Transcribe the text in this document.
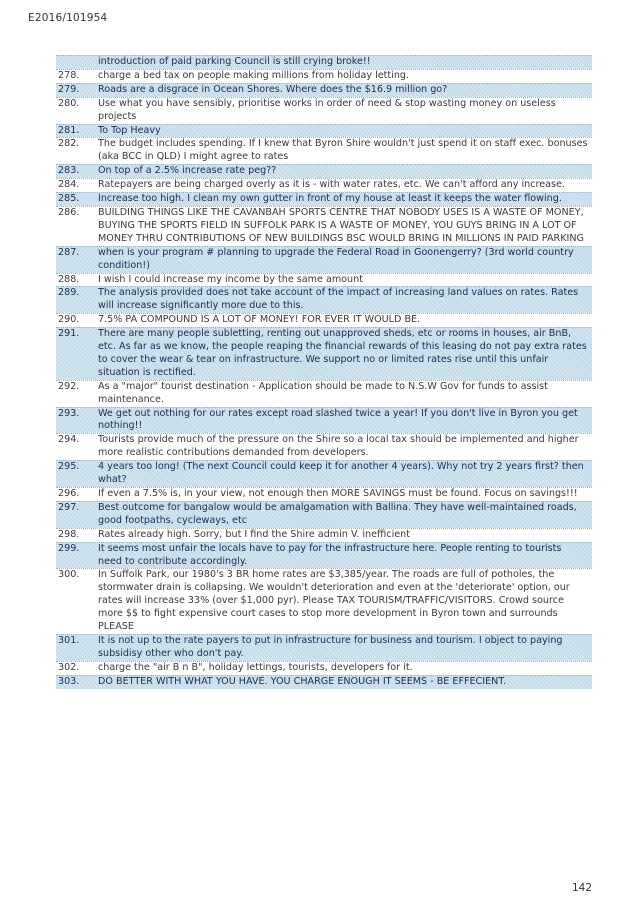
E2016/101954
introduction of paid parking Council is still crying broke!!
278.	charge a bed tax on people making millions from holiday letting.
279.	Roads are a disgrace in Ocean Shores. Where does the $16.9 million go?
280.	Use what you have sensibly, prioritise works in order of need & stop wasting money on useless projects
281.	To Top Heavy
282.	The budget includes spending. If I knew that Byron Shire wouldn't just spend it on staff exec. bonuses (aka BCC in QLD) I might agree to rates
283.	On top of a 2.5% increase rate peg??
284.	Ratepayers are being charged overly as it is - with water rates, etc. We can't afford any increase.
285.	Increase too high. I clean my own gutter in front of my house at least it keeps the water flowing.
286.	BUILDING THINGS LIKE THE CAVANBAH SPORTS CENTRE THAT NOBODY USES IS A WASTE OF MONEY, BUYING THE SPORTS FIELD IN SUFFOLK PARK IS A WASTE OF MONEY, YOU GUYS BRING IN A LOT OF MONEY THRU CONTRIBUTIONS OF NEW BUILDINGS BSC WOULD BRING IN MILLIONS IN PAID PARKING
287.	when is your program # planning to upgrade the Federal Road in Goonengerry? (3rd world country condition!)
288.	I wish I could increase my income by the same amount
289.	The analysis provided does not take account of the impact of increasing land values on rates. Rates will increase significantly more due to this.
290.	7.5% PA COMPOUND IS A LOT OF MONEY! FOR EVER IT WOULD BE.
291.	There are many people subletting, renting out unapproved sheds, etc or rooms in houses, air BnB, etc. As far as we know, the people reaping the financial rewards of this leasing do not pay extra rates to cover the wear & tear on infrastructure. We support no or limited rates rise until this unfair situation is rectified.
292.	As a "major" tourist destination - Application should be made to N.S.W Gov for funds to assist maintenance.
293.	We get out nothing for our rates except road slashed twice a year! If you don't live in Byron you get nothing!!
294.	Tourists provide much of the pressure on the Shire so a local tax should be implemented and higher more realistic contributions demanded from developers.
295.	4 years too long! (The next Council could keep it for another 4 years). Why not try 2 years first? then what?
296.	If even a 7.5% is, in your view, not enough then MORE SAVINGS must be found. Focus on savings!!!
297.	Best outcome for bangalow would be amalgamation with Ballina. They have well-maintained roads, good footpaths, cycleways, etc
298.	Rates already high. Sorry, but I find the Shire admin V. inefficient
299.	It seems most unfair the locals have to pay for the infrastructure here. People renting to tourists need to contribute accordingly.
300.	In Suffolk Park, our 1980's 3 BR home rates are $3,385/year. The roads are full of potholes, the stormwater drain is collapsing. We wouldn't deterioration and even at the 'deteriorate' option, our rates will increase 33% (over $1,000 pyr). Please TAX TOURISM/TRAFFIC/VISITORS. Crowd source more $$ to fight expensive court cases to stop more development in Byron town and surrounds PLEASE
301.	It is not up to the rate payers to put in infrastructure for business and tourism. I object to paying subsidisy other who don't pay.
302.	charge the "air B n B", holiday lettings, tourists, developers for it.
303.	DO BETTER WITH WHAT YOU HAVE. YOU CHARGE ENOUGH IT SEEMS - BE EFFECIENT.
142
